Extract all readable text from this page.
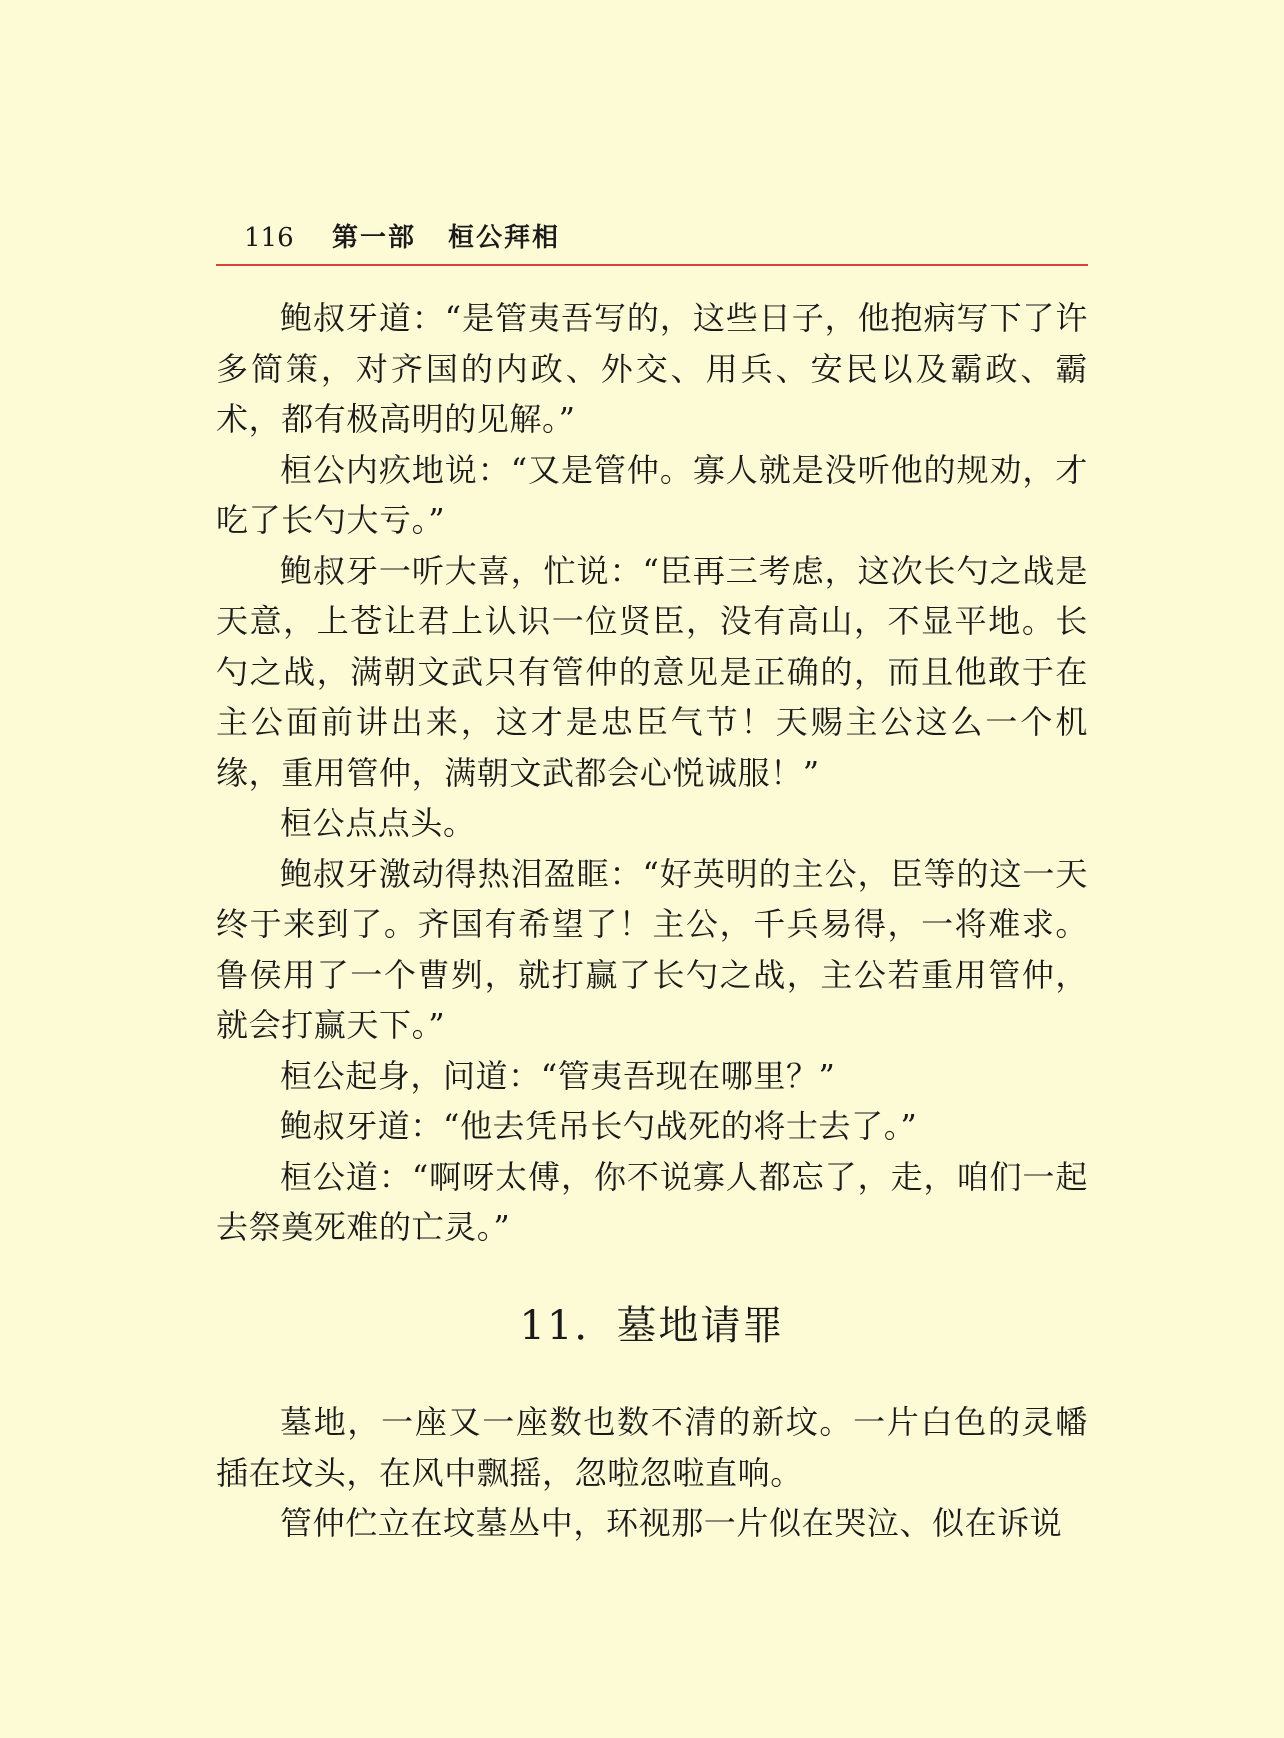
116 第一部 桓公拜相

鲍叔牙道：“是管夷吾写的，这些日子，他抱病写下了许多简策，对齐国的内政、外交、用兵、安民以及霸政、霸术，都有极高明的见解。”

桓公内疚地说：“又是管仲。寡人就是没听他的规劝，才吃了长勺大亏。”

鲍叔牙一听大喜，忙说：“臣再三考虑，这次长勺之战是天意，上苍让君上认识一位贤臣，没有高山，不显平地。长勺之战，满朝文武只有管仲的意见是正确的，而且他敢于在主公面前讲出来，这才是忠臣气节！天赐主公这么一个机缘，重用管仲，满朝文武都会心悦诚服！”

桓公点点头。

鲍叔牙激动得热泪盈眶：“好英明的主公，臣等的这一天终于来到了。齐国有希望了！主公，千兵易得，一将难求。鲁侯用了一个曹刿，就打赢了长勺之战，主公若重用管仲，就会打赢天下。”

桓公起身，问道：“管夷吾现在哪里？”

鲍叔牙道：“他去凭吊长勺战死的将士去了。”

桓公道：“啊呀太傅，你不说寡人都忘了，走，咱们一起去祭奠死难的亡灵。”

11．墓地请罪

墓地，一座又一座数也数不清的新坟。一片白色的灵幡插在坟头，在风中飘摇，忽啦忽啦直响。

管仲伫立在坟墓丛中，环视那一片似在哭泣、似在诉说
